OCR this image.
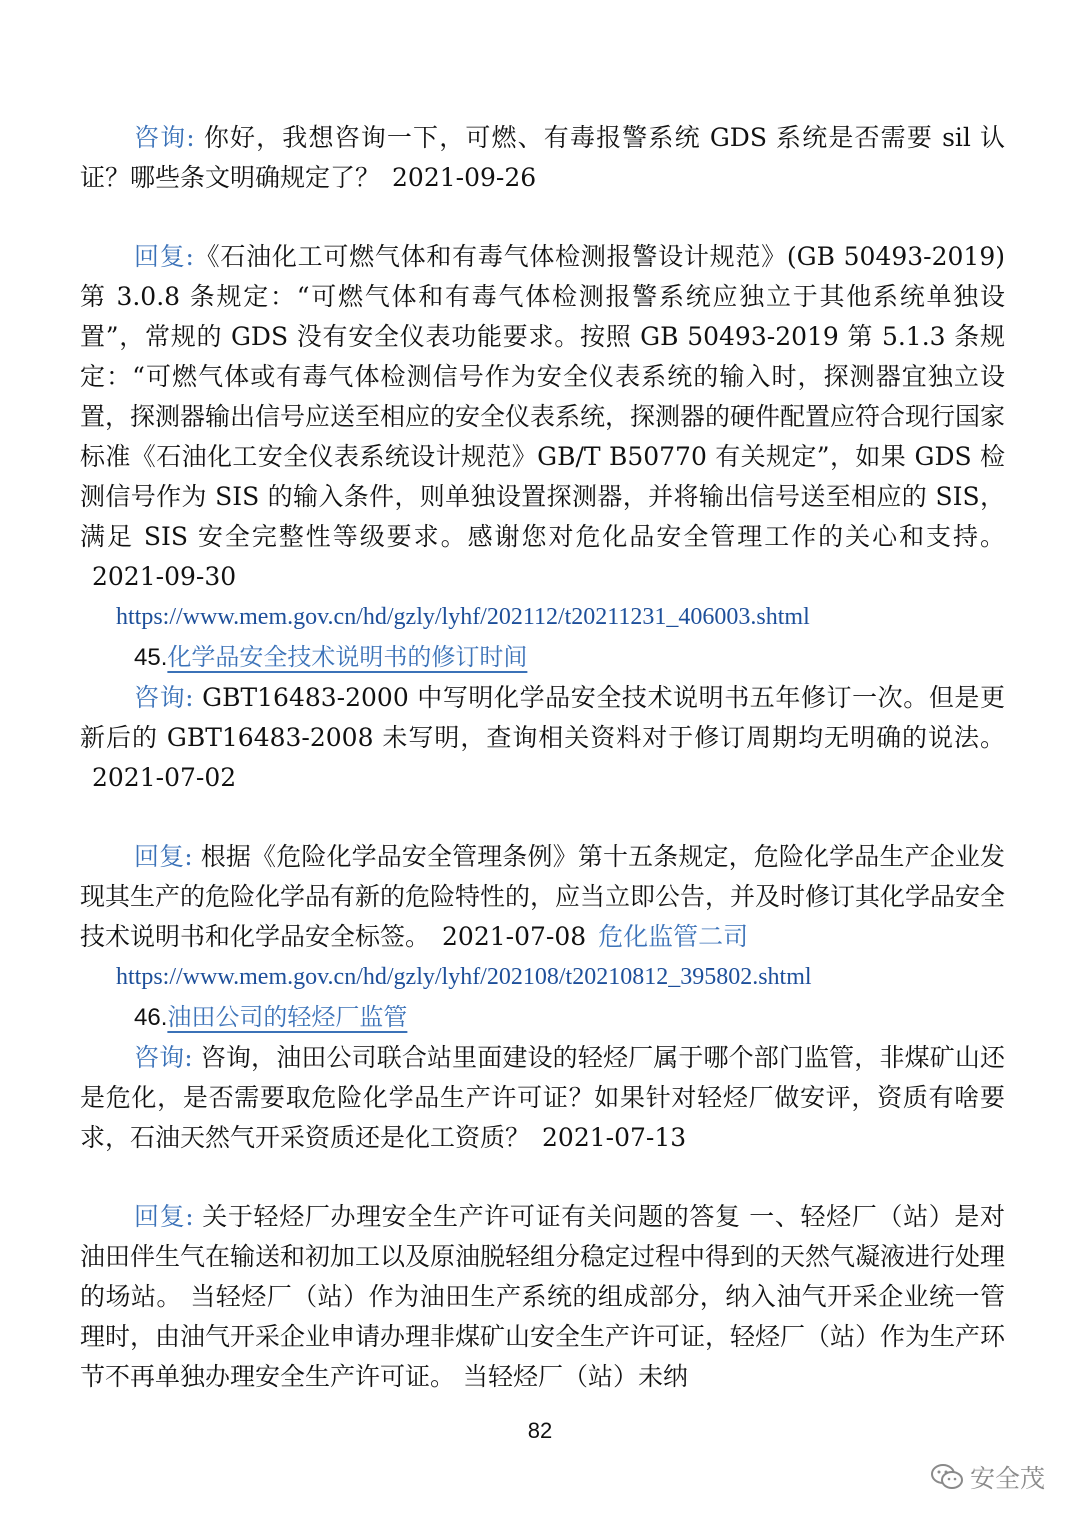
咨询: 你好，我想咨询一下，可燃、有毒报警系统 GDS 系统是否需要 sil 认证？哪些条文明确规定了？ 2021-09-26

回复:《石油化工可燃气体和有毒气体检测报警设计规范》(GB 50493-2019)第 3.0.8 条规定：“可燃气体和有毒气体检测报警系统应独立于其他系统单独设置”，常规的 GDS 没有安全仪表功能要求。按照 GB 50493-2019 第 5.1.3 条规定：“可燃气体或有毒气体检测信号作为安全仪表系统的输入时，探测器宜独立设置，探测器输出信号应送至相应的安全仪表系统，探测器的硬件配置应符合现行国家标准《石油化工安全仪表系统设计规范》GB/T B50770 有关规定”，如果 GDS 检测信号作为 SIS 的输入条件，则单独设置探测器，并将输出信号送至相应的 SIS，满足 SIS 安全完整性等级要求。感谢您对危化品安全管理工作的关心和支持。2021-09-30

https://www.mem.gov.cn/hd/gzly/lyhf/202112/t20211231_406003.shtml

45.化学品安全技术说明书的修订时间

咨询: GBT16483-2000 中写明化学品安全技术说明书五年修订一次。但是更新后的 GBT16483-2008 未写明，查询相关资料对于修订周期均无明确的说法。2021-07-02

回复: 根据《危险化学品安全管理条例》第十五条规定，危险化学品生产企业发现其生产的危险化学品有新的危险特性的，应当立即公告，并及时修订其化学品安全技术说明书和化学品安全标签。 2021-07-08 危化监管二司

https://www.mem.gov.cn/hd/gzly/lyhf/202108/t20210812_395802.shtml

46.油田公司的轻烃厂监管

咨询: 咨询，油田公司联合站里面建设的轻烃厂属于哪个部门监管，非煤矿山还是危化，是否需要取危险化学品生产许可证？如果针对轻烃厂做安评，资质有啥要求，石油天然气开采资质还是化工资质？ 2021-07-13

回复: 关于轻烃厂办理安全生产许可证有关问题的答复 一、轻烃厂（站）是对油田伴生气在输送和初加工以及原油脱轻组分稳定过程中得到的天然气凝液进行处理的场站。 当轻烃厂（站）作为油田生产系统的组成部分，纳入油气开采企业统一管理时，由油气开采企业申请办理非煤矿山安全生产许可证，轻烃厂（站）作为生产环节不再单独办理安全生产许可证。 当轻烃厂（站）未纳

82
安全茂
